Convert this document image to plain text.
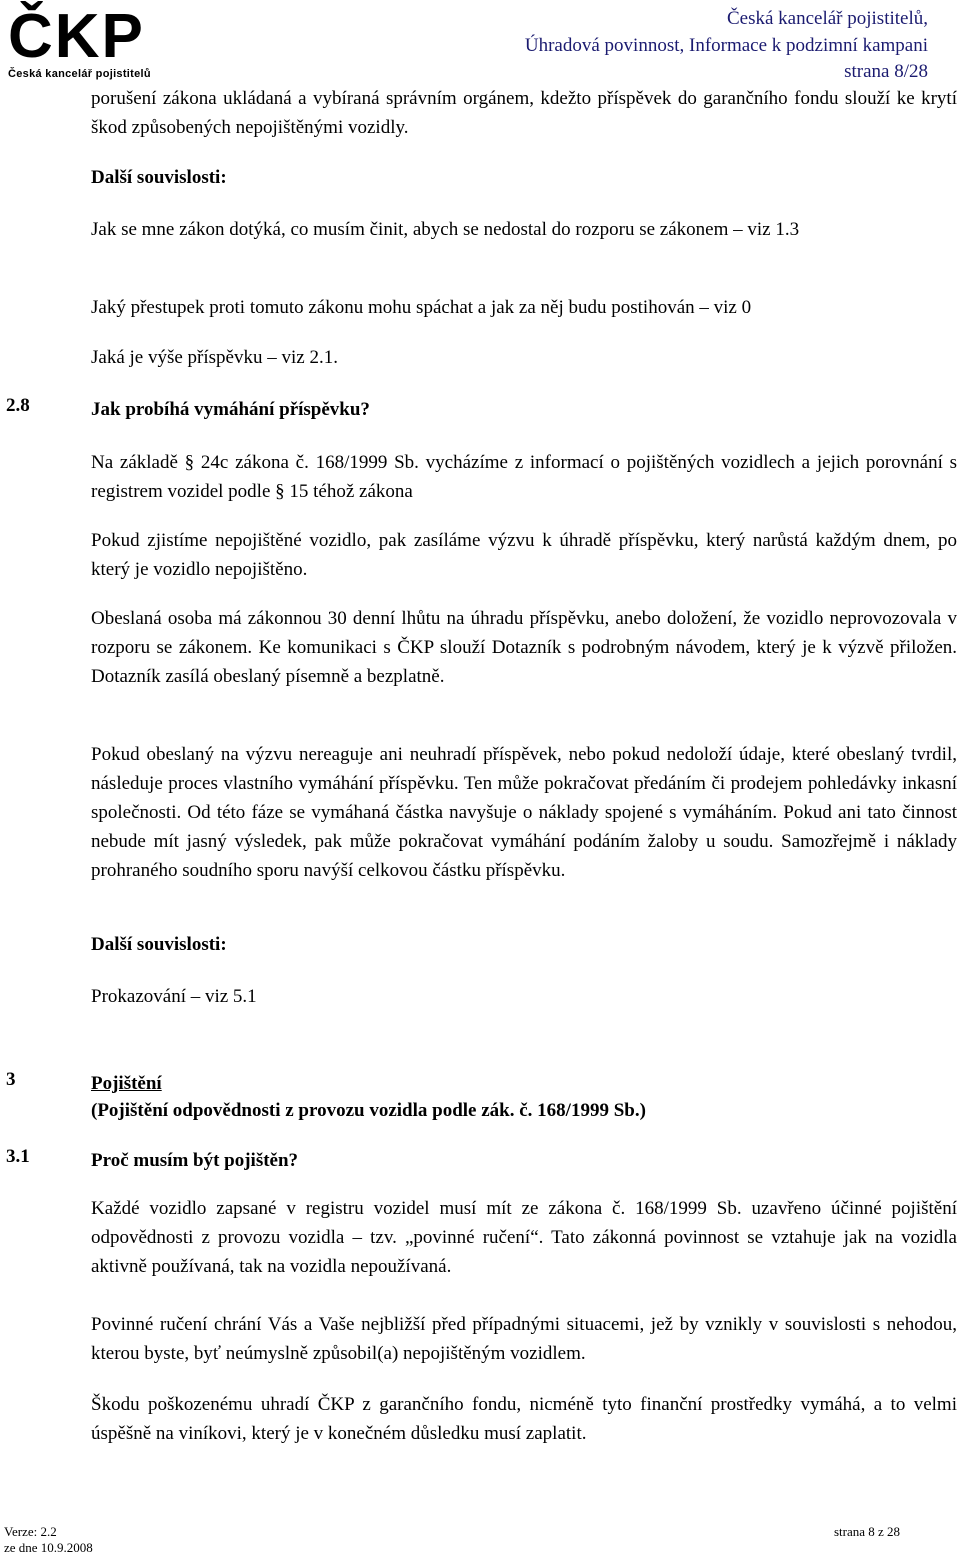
ČKP
Česká kancelář pojistitelů
Česká kancelář pojistitelů,
Úhradová povinnost, Informace k podzimní kampani
strana 8/28
porušení zákona ukládaná a vybíraná správním orgánem, kdežto příspěvek do garančního fondu slouží ke krytí škod způsobených nepojištěnými vozidly.
Další souvislosti:
Jak se mne zákon dotýká, co musím činit, abych se nedostal do rozporu se zákonem – viz 1.3
Jaký přestupek proti tomuto zákonu mohu spáchat a jak za něj budu postihován – viz 0
Jaká je výše příspěvku – viz 2.1.
2.8	Jak probíhá vymáhání příspěvku?
Na základě § 24c zákona č. 168/1999 Sb. vycházíme z informací o pojištěných vozidlech a jejich porovnání s registrem vozidel podle § 15 téhož zákona
Pokud zjistíme nepojištěné vozidlo, pak zasíláme výzvu k úhradě příspěvku, který narůstá každým dnem, po který je vozidlo nepojištěno.
Obeslaná osoba má zákonnou 30 denní lhůtu na úhradu příspěvku, anebo doložení, že vozidlo neprovozovala v rozporu se zákonem. Ke komunikaci s ČKP slouží Dotazník s podrobným návodem, který je k výzvě přiložen. Dotazník zasílá obeslaný písemně a bezplatně.
Pokud obeslaný na výzvu nereaguje ani neuhradí příspěvek, nebo pokud nedoloží údaje, které obeslaný tvrdil, následuje proces vlastního vymáhání příspěvku. Ten může pokračovat předáním či prodejem pohledávky inkasní společnosti. Od této fáze se vymáhaná částka navyšuje o náklady spojené s vymáháním. Pokud ani tato činnost nebude mít jasný výsledek, pak může pokračovat vymáhání podáním žaloby u soudu. Samozřejmě i náklady prohraného soudního sporu navýší celkovou částku příspěvku.
Další souvislosti:
Prokazování – viz 5.1
3	Pojištění
(Pojištění odpovědnosti z provozu vozidla podle zák. č. 168/1999 Sb.)
3.1	Proč musím být pojištěn?
Každé vozidlo zapsané v registru vozidel musí mít ze zákona č. 168/1999 Sb. uzavřeno účinné pojištění odpovědnosti z provozu vozidla – tzv. „povinné ručení“. Tato zákonná povinnost se vztahuje jak na vozidla aktivně používaná, tak na vozidla nepoužívaná.
Povinné ručení chrání Vás a Vaše nejbližší před případnými situacemi, jež by vznikly v souvislosti s nehodou, kterou byste, byť neúmyslně způsobil(a) nepojištěným vozidlem.
Škodu poškozenému uhradí ČKP z garančního fondu, nicméně tyto finanční prostředky vymáhá, a to velmi úspěšně na viníkovi, který je v konečném důsledku musí zaplatit.
Verze: 2.2
ze dne 10.9.2008
strana 8 z 28
